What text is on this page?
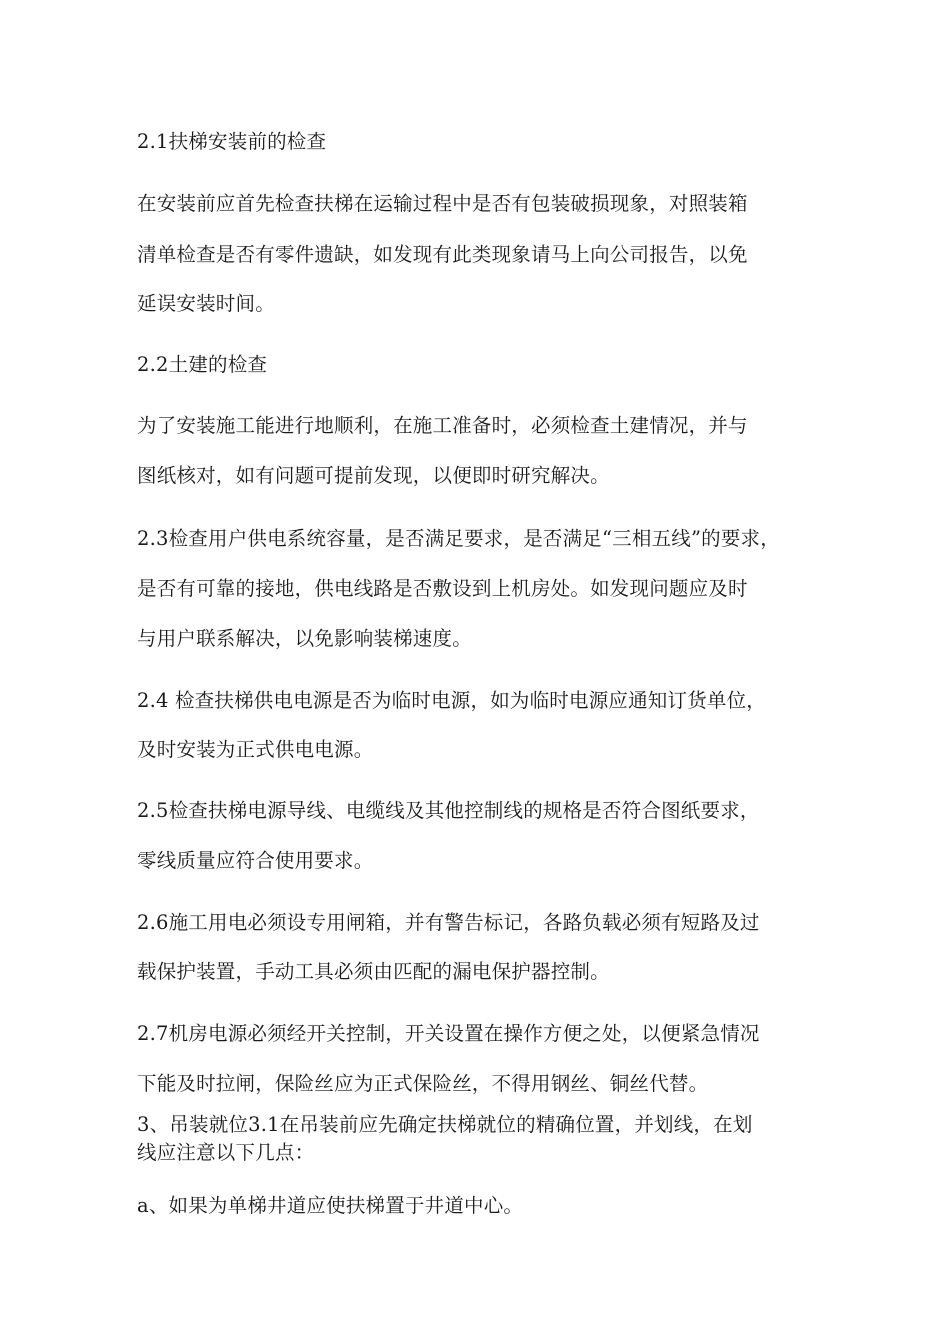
2.1扶梯安装前的检查
在安装前应首先检查扶梯在运输过程中是否有包装破损现象，对照装箱
清单检查是否有零件遗缺，如发现有此类现象请马上向公司报告，以免
延误安装时间。
2.2土建的检查
为了安装施工能进行地顺利，在施工准备时，必须检查土建情况，并与
图纸核对，如有问题可提前发现，以便即时研究解决。
2.3检查用户供电系统容量，是否满足要求，是否满足“三相五线”的要求，
是否有可靠的接地，供电线路是否敷设到上机房处。如发现问题应及时
与用户联系解决，以免影响装梯速度。
2.4 检查扶梯供电电源是否为临时电源，如为临时电源应通知订货单位，
及时安装为正式供电电源。
2.5检查扶梯电源导线、电缆线及其他控制线的规格是否符合图纸要求，
零线质量应符合使用要求。
2.6施工用电必须设专用闸箱，并有警告标记，各路负载必须有短路及过
载保护装置，手动工具必须由匹配的漏电保护器控制。
2.7机房电源必须经开关控制，开关设置在操作方便之处，以便紧急情况
下能及时拉闸，保险丝应为正式保险丝，不得用钢丝、铜丝代替。
3、吊装就位3.1在吊装前应先确定扶梯就位的精确位置，并划线，在划
线应注意以下几点：
a、如果为单梯井道应使扶梯置于井道中心。
